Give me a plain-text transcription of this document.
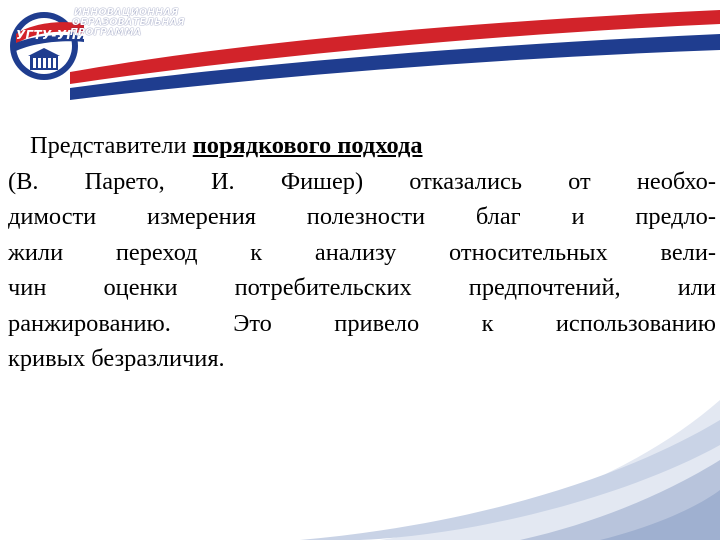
УГТУ-УПИ
ИННОВАЦИОННАЯ
ОБРАЗОВАТЕЛЬНАЯ
ПРОГРАММА
Представители порядкового подхода
(В. Парето, И. Фишер) отказались от необхо-
димости измерения полезности благ и предло-
жили переход к анализу относительных вели-
чин оценки потребительских предпочтений, или
ранжированию. Это привело к использованию
кривых безразличия.
